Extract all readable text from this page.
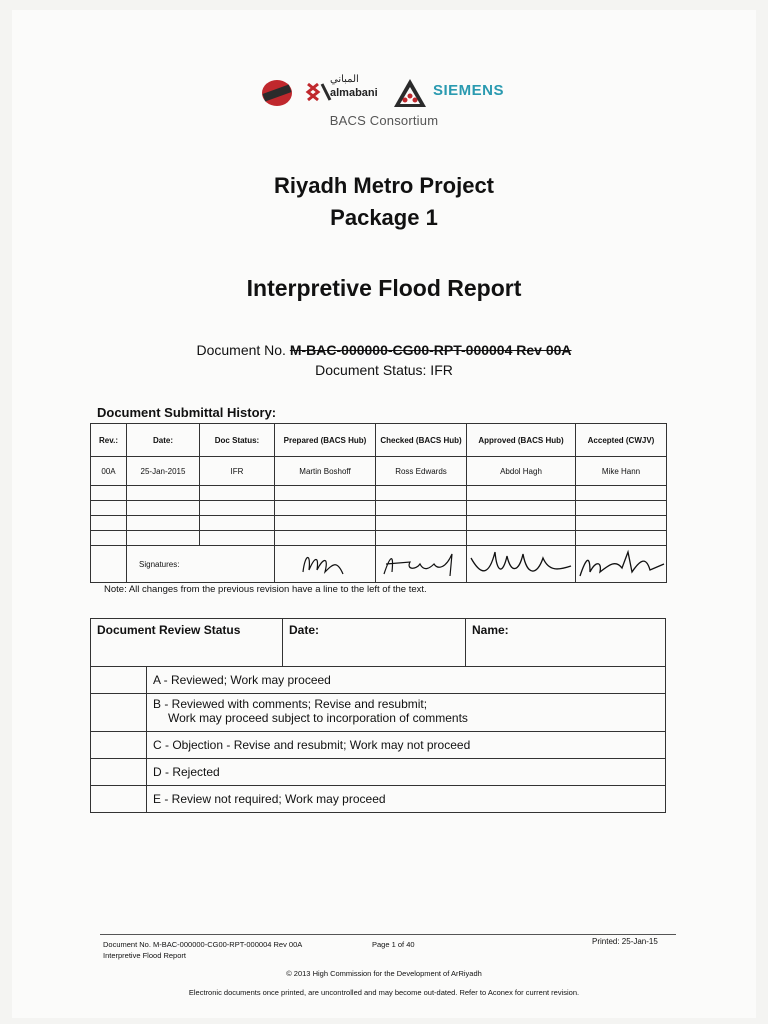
المباني
almabani	SIEMENS
BACS Consortium
Riyadh Metro Project
Package 1
Interpretive Flood Report
Document No. M-BAC-000000-CG00-RPT-000004 Rev 00A
Document Status: IFR
Document Submittal History:
Rev.:	Date:	Doc Status:	Prepared (BACS Hub)	Checked (BACS Hub)	Approved (BACS Hub)	Accepted (CWJV)
00A	25-Jan-2015	IFR	Martin Boshoff	Ross Edwards	Abdol Hagh	Mike Hann

	Signatures:				
Note: All changes from the previous revision have a line to the left of the text.
Document Review Status		Date:	Name:
	A - Reviewed; Work may proceed		

	B - Reviewed with comments; Revise and resubmit;
Work may proceed subject to incorporation of comments		

	C - Objection - Revise and resubmit; Work may not proceed		
	D - Rejected		
	E - Review not required; Work may proceed		
Document No. M-BAC-000000-CG00-RPT-000004 Rev 00A
Interpretive Flood Report
Page 1 of 40	Printed: 25-Jan-15
© 2013 High Commission for the Development of ArRiyadh
Electronic documents once printed, are uncontrolled and may become out-dated. Refer to Aconex for current revision.
